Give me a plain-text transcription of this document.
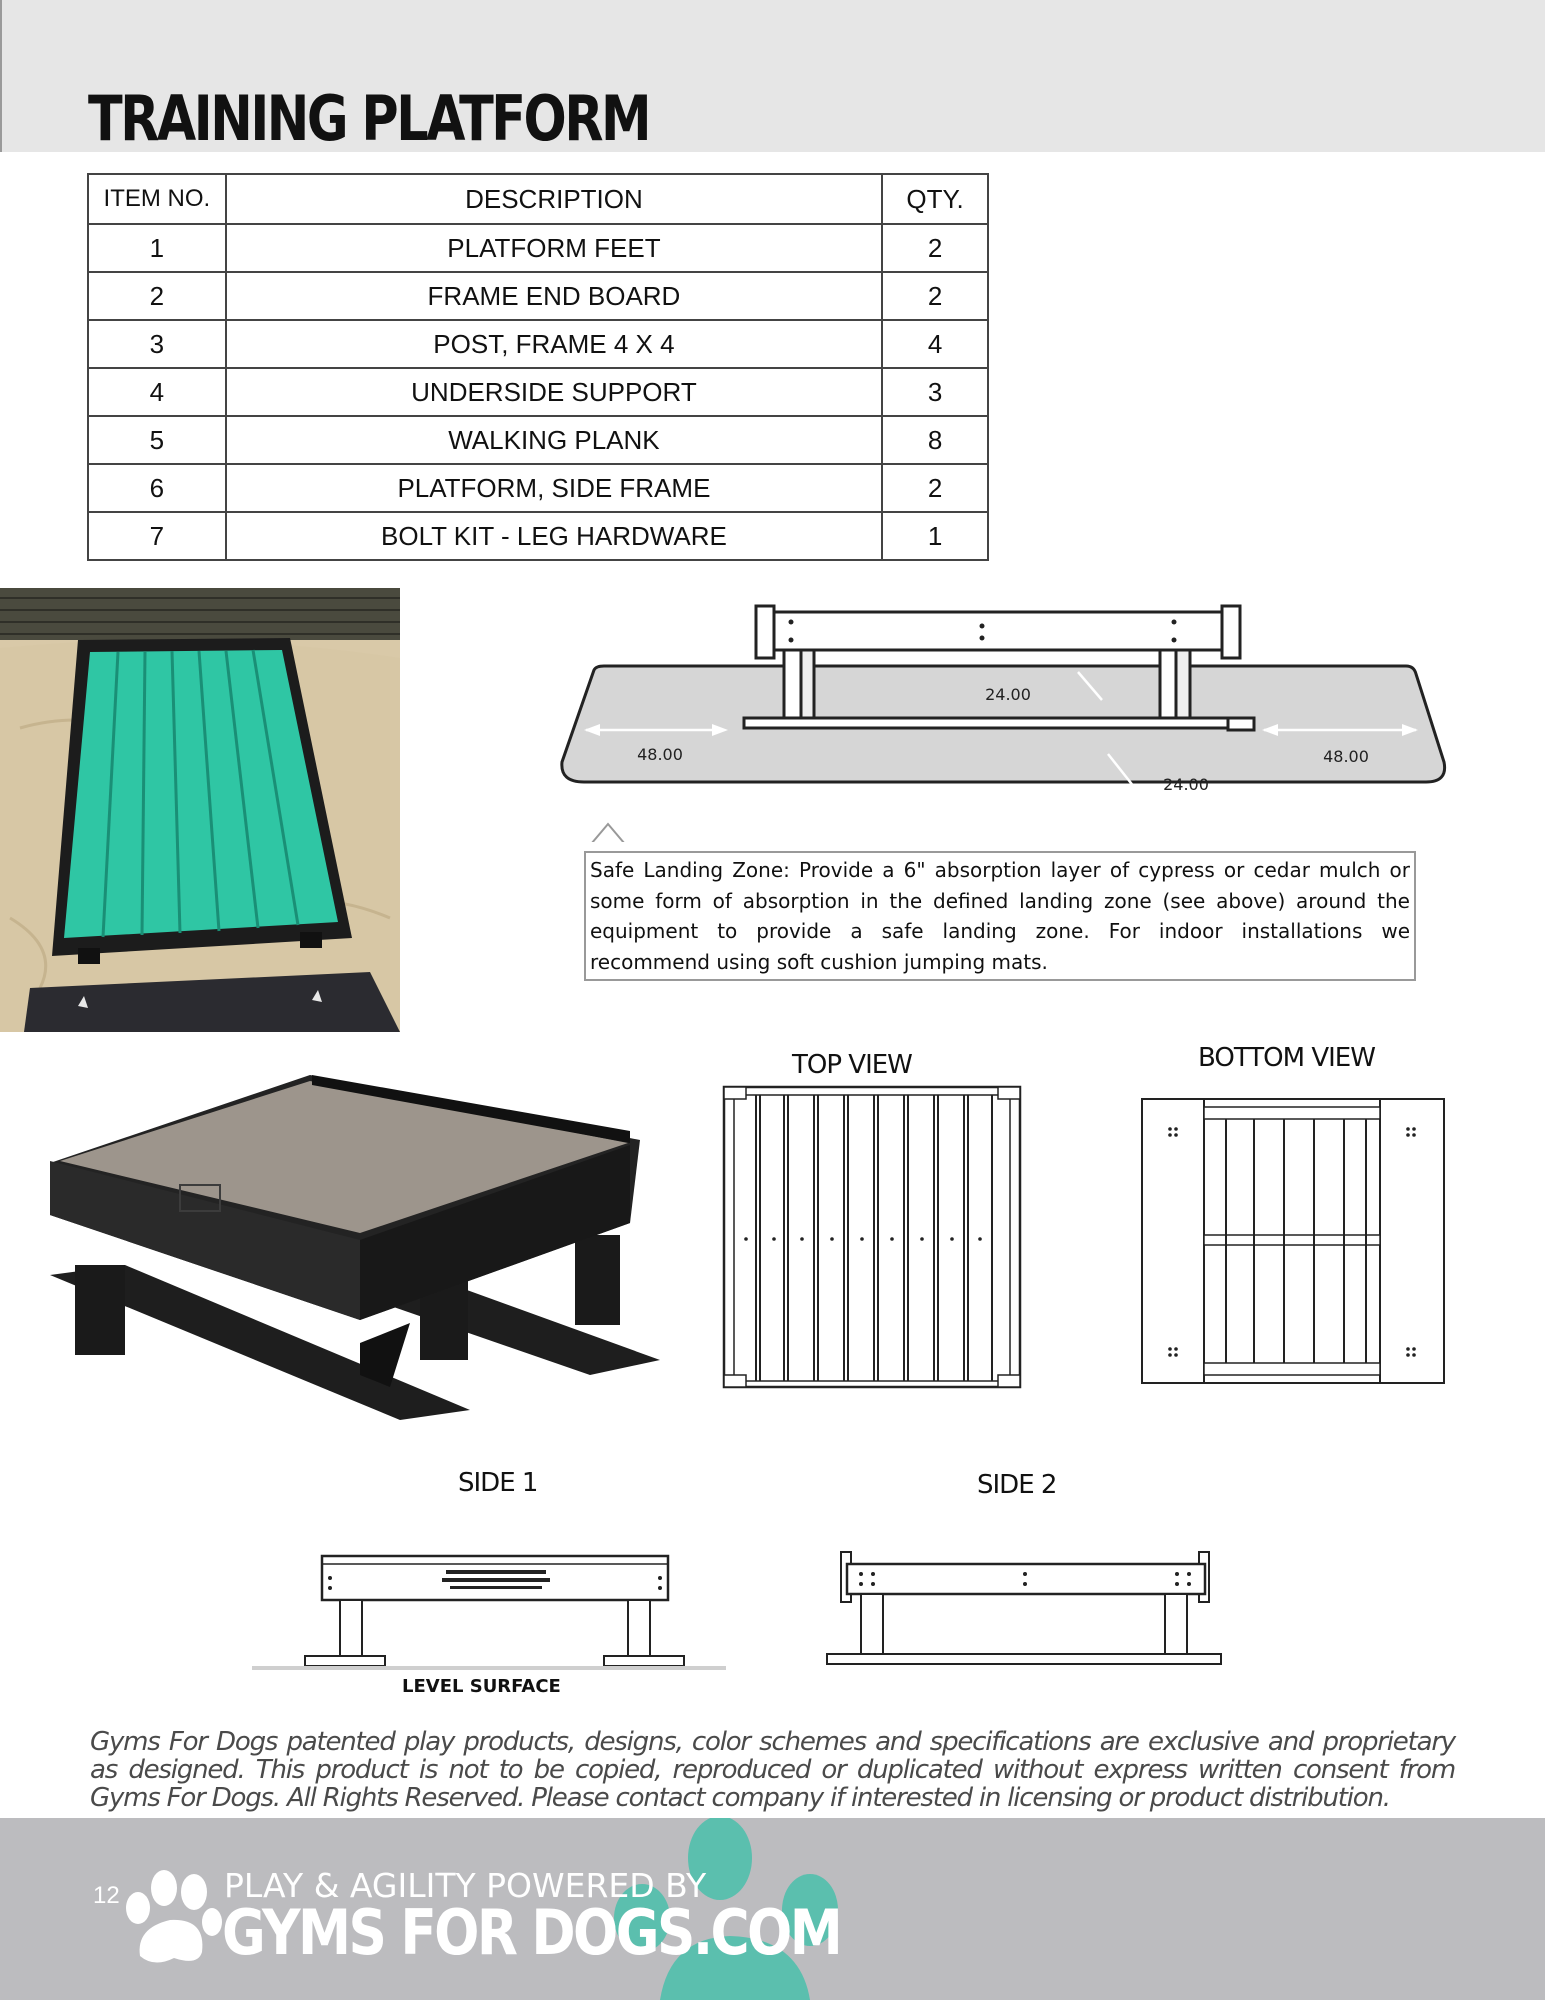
TRAINING PLATFORM
ITEM NO.	DESCRIPTION	QTY.
1	PLATFORM FEET	2
2	FRAME END BOARD	2
3	POST, FRAME 4 X 4	4
4	UNDERSIDE SUPPORT	3
5	WALKING PLANK	8
6	PLATFORM, SIDE FRAME	2
7	BOLT KIT - LEG HARDWARE	1
24.00
48.00	48.00
24.00
Safe Landing Zone: Provide a 6" absorption layer of cypress or cedar mulch or some form of absorption in the defined landing zone (see above) around the equipment to provide a safe landing zone. For indoor installations we recommend using soft cushion jumping mats.
TOP VIEW	BOTTOM VIEW
SIDE 1
LEVEL SURFACE
SIDE 2

Gyms For Dogs patented play products, designs, color schemes and specifications are exclusive and proprietary as designed. This product is not to be copied, reproduced or duplicated without express written consent from Gyms For Dogs. All Rights Reserved. Please contact company if interested in licensing or product distribution.

12	PLAY & AGILITY POWERED BY
GYMS FOR DOGS.COM
